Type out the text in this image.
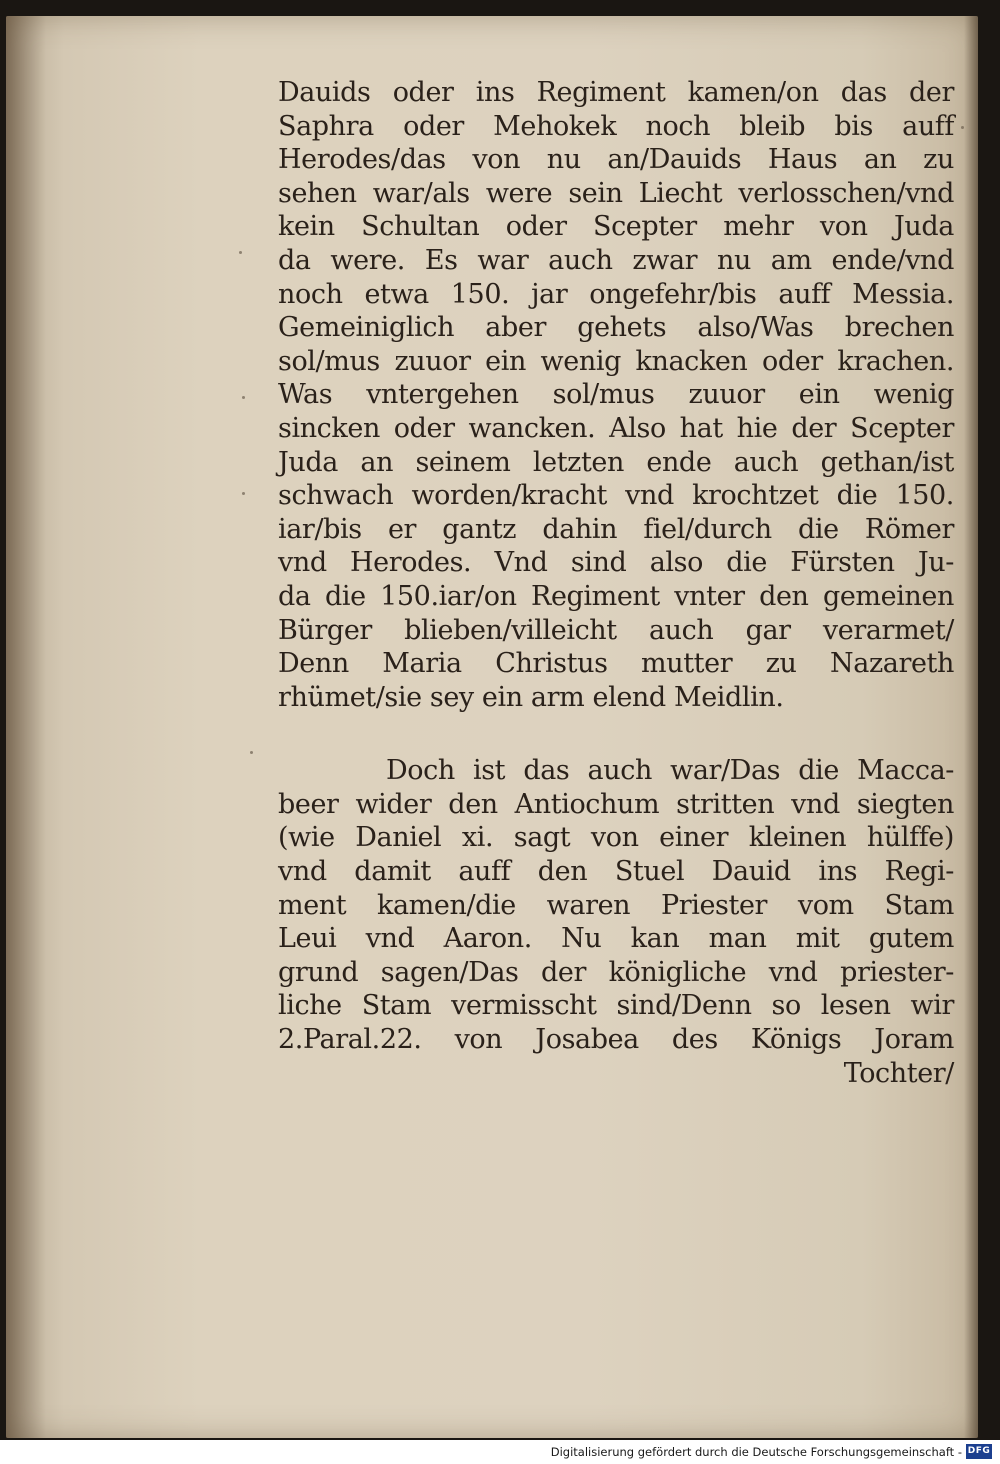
Dauids oder ins Regiment kamen/on das der
Saphra oder Mehokek noch bleib bis auff
Herodes/das von nu an/Dauids Haus an zu
sehen war/als were sein Liecht verlosschen/vnd
kein Schultan oder Scepter mehr von Juda
da were. Es war auch zwar nu am ende/vnd
noch etwa 150. jar ongefehr/bis auff Messia.
Gemeiniglich aber gehets also/Was brechen
sol/mus zuuor ein wenig knacken oder krachen.
Was vntergehen sol/mus zuuor ein wenig
sincken oder wancken. Also hat hie der Scepter
Juda an seinem letzten ende auch gethan/ist
schwach worden/kracht vnd krochtzet die 150.
iar/bis er gantz dahin fiel/durch die Römer
vnd Herodes. Vnd sind also die Fürsten Ju-
da die 150.iar/on Regiment vnter den gemeinen
Bürger blieben/villeicht auch gar verarmet/
Denn Maria Christus mutter zu Nazareth
rhümet/sie sey ein arm elend Meidlin.
Doch ist das auch war/Das die Macca-
beer wider den Antiochum stritten vnd siegten
(wie Daniel xi. sagt von einer kleinen hülffe)
vnd damit auff den Stuel Dauid ins Regi-
ment kamen/die waren Priester vom Stam
Leui vnd Aaron. Nu kan man mit gutem
grund sagen/Das der königliche vnd priester-
liche Stam vermisscht sind/Denn so lesen wir
2.Paral.22. von Josabea des Königs Joram
Tochter/
Digitalisierung gefördert durch die Deutsche Forschungsgemeinschaft - DFG
